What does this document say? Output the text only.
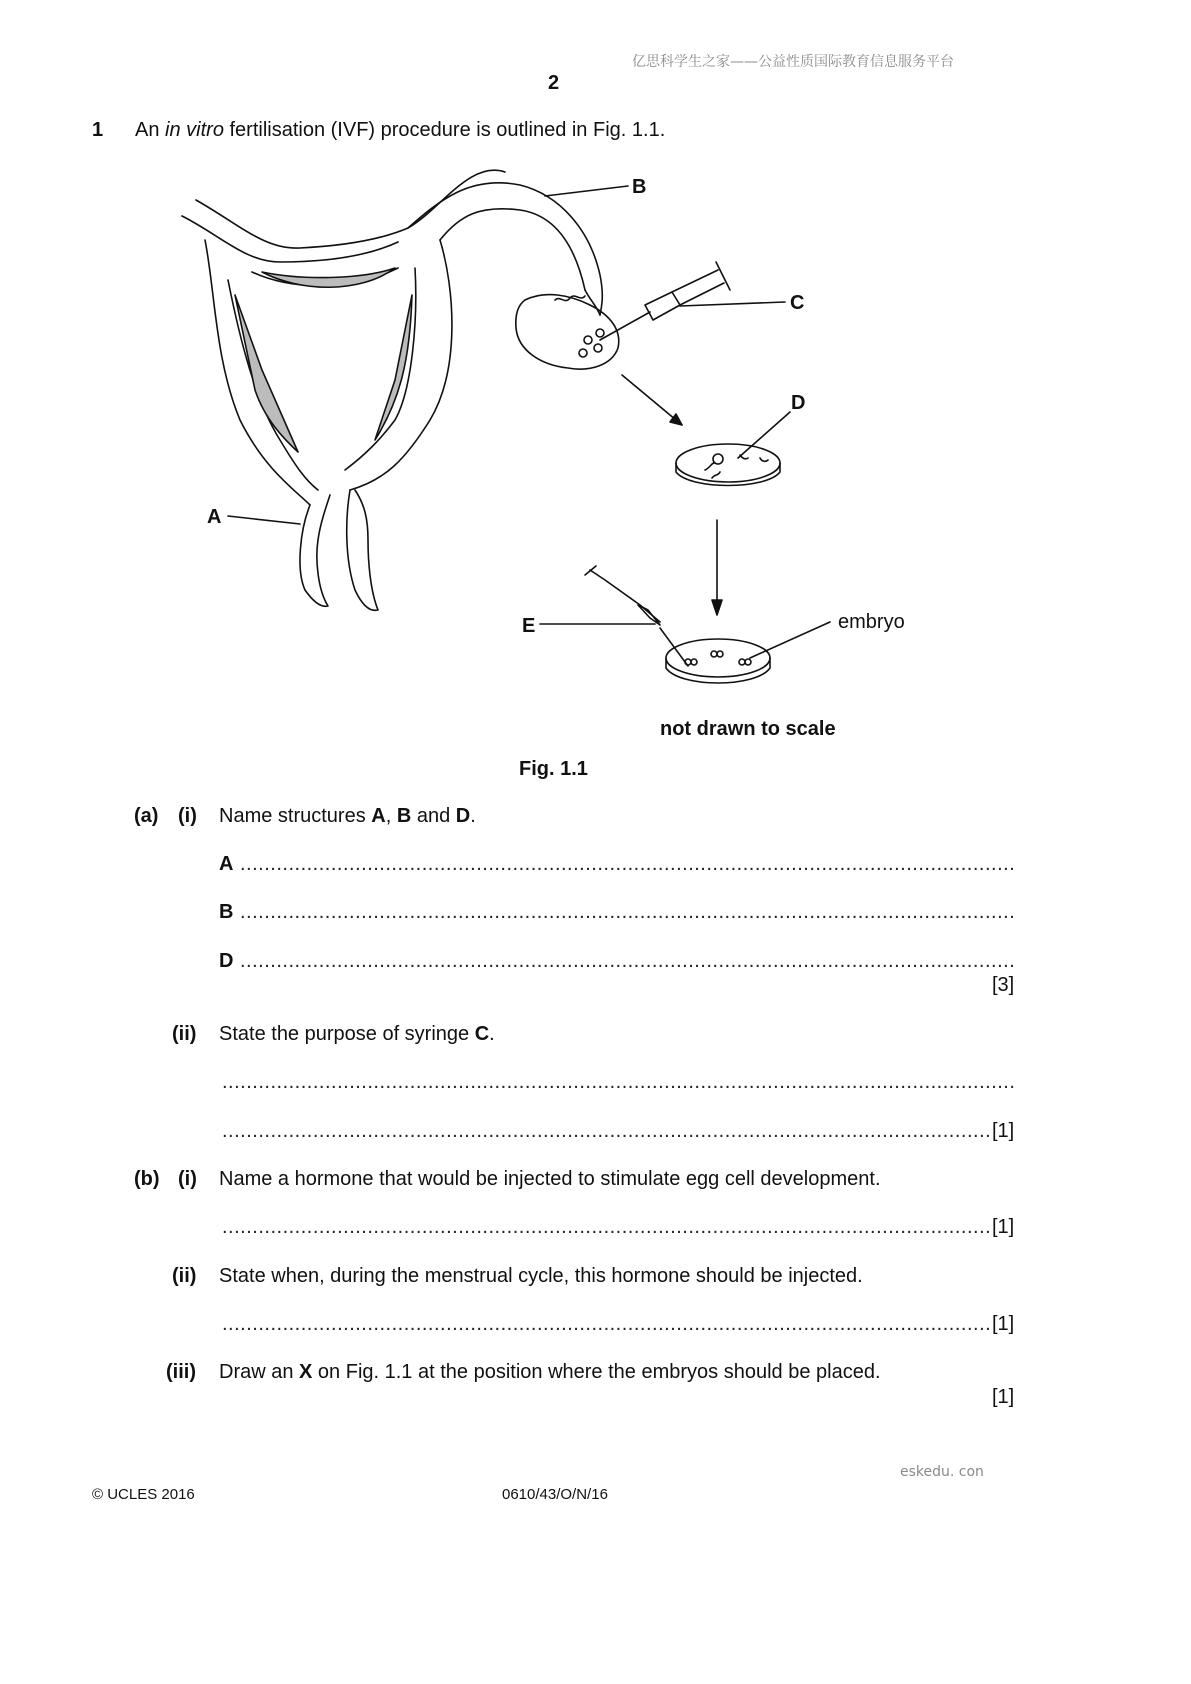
亿思科学生之家——公益性质国际教育信息服务平台
2
1 An in vitro fertilisation (IVF) procedure is outlined in Fig. 1.1.
A
B
C
D
E	embryo
not drawn to scale
Fig. 1.1
(a) (i) Name structures A, B and D.
A
.....
B
.....
D
.....
[3]
(ii) State the purpose of syringe C.
.....
.....
[1]
(b) (i) Name a hormone that would be injected to stimulate egg cell development.
.....
[1]
(ii) State when, during the menstrual cycle, this hormone should be injected.
.....
[1]
(iii) Draw an X on Fig. 1.1 at the position where the embryos should be placed.
[1]
eskedu. con
© UCLES 2016	0610/43/O/N/16
